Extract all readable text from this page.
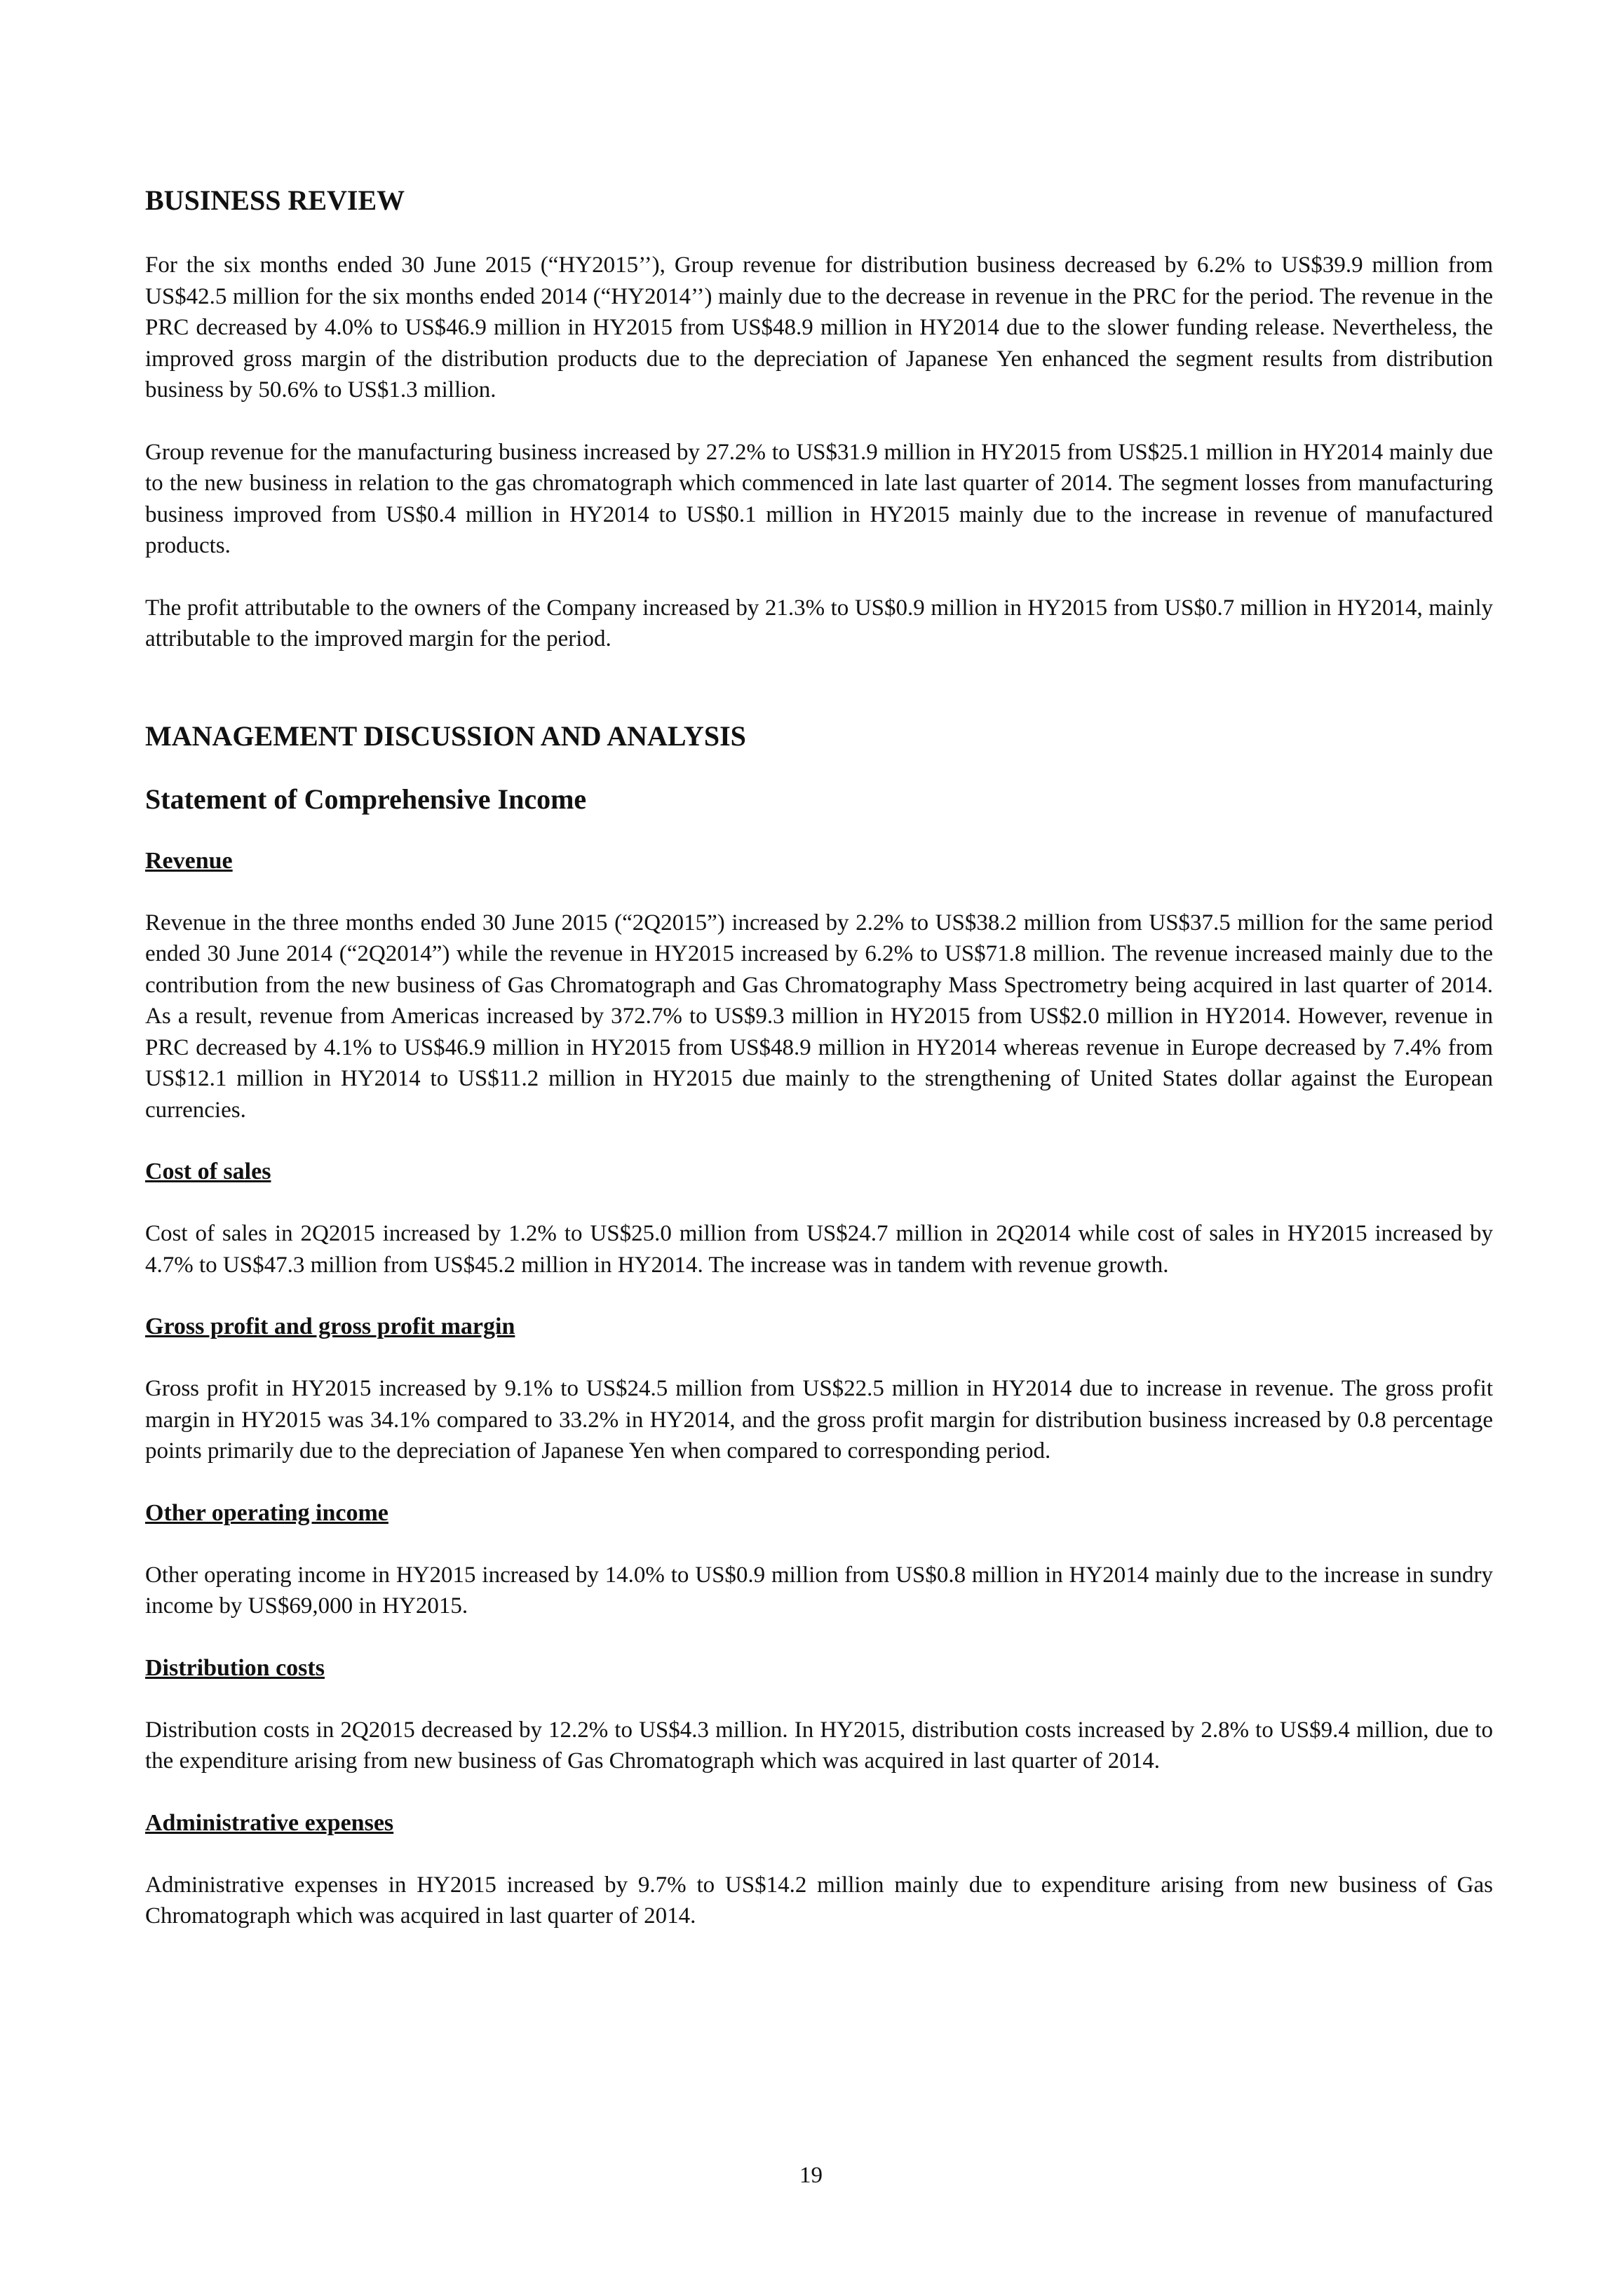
BUSINESS REVIEW

For the six months ended 30 June 2015 (“HY2015’’), Group revenue for distribution business decreased by 6.2% to US$39.9 million from US$42.5 million for the six months ended 2014 (“HY2014’’) mainly due to the decrease in revenue in the PRC for the period. The revenue in the PRC decreased by 4.0% to US$46.9 million in HY2015 from US$48.9 million in HY2014 due to the slower funding release. Nevertheless, the improved gross margin of the distribution products due to the depreciation of Japanese Yen enhanced the segment results from distribution business by 50.6% to US$1.3 million.

Group revenue for the manufacturing business increased by 27.2% to US$31.9 million in HY2015 from US$25.1 million in HY2014 mainly due to the new business in relation to the gas chromatograph which commenced in late last quarter of 2014. The segment losses from manufacturing business improved from US$0.4 million in HY2014 to US$0.1 million in HY2015 mainly due to the increase in revenue of manufactured products.

The profit attributable to the owners of the Company increased by 21.3% to US$0.9 million in HY2015 from US$0.7 million in HY2014, mainly attributable to the improved margin for the period.

MANAGEMENT DISCUSSION AND ANALYSIS
Statement of Comprehensive Income
Revenue

Revenue in the three months ended 30 June 2015 (“2Q2015”) increased by 2.2% to US$38.2 million from US$37.5 million for the same period ended 30 June 2014 (“2Q2014”) while the revenue in HY2015 increased by 6.2% to US$71.8 million. The revenue increased mainly due to the contribution from the new business of Gas Chromatograph and Gas Chromatography Mass Spectrometry being acquired in last quarter of 2014. As a result, revenue from Americas increased by 372.7% to US$9.3 million in HY2015 from US$2.0 million in HY2014. However, revenue in PRC decreased by 4.1% to US$46.9 million in HY2015 from US$48.9 million in HY2014 whereas revenue in Europe decreased by 7.4% from US$12.1 million in HY2014 to US$11.2 million in HY2015 due mainly to the strengthening of United States dollar against the European currencies.

Cost of sales

Cost of sales in 2Q2015 increased by 1.2% to US$25.0 million from US$24.7 million in 2Q2014 while cost of sales in HY2015 increased by 4.7% to US$47.3 million from US$45.2 million in HY2014. The increase was in tandem with revenue growth.

Gross profit and gross profit margin

Gross profit in HY2015 increased by 9.1% to US$24.5 million from US$22.5 million in HY2014 due to increase in revenue. The gross profit margin in HY2015 was 34.1% compared to 33.2% in HY2014, and the gross profit margin for distribution business increased by 0.8 percentage points primarily due to the depreciation of Japanese Yen when compared to corresponding period.

Other operating income

Other operating income in HY2015 increased by 14.0% to US$0.9 million from US$0.8 million in HY2014 mainly due to the increase in sundry income by US$69,000 in HY2015.

Distribution costs

Distribution costs in 2Q2015 decreased by 12.2% to US$4.3 million. In HY2015, distribution costs increased by 2.8% to US$9.4 million, due to the expenditure arising from new business of Gas Chromatograph which was acquired in last quarter of 2014.

Administrative expenses

Administrative expenses in HY2015 increased by 9.7% to US$14.2 million mainly due to expenditure arising from new business of Gas Chromatograph which was acquired in last quarter of 2014.

19
